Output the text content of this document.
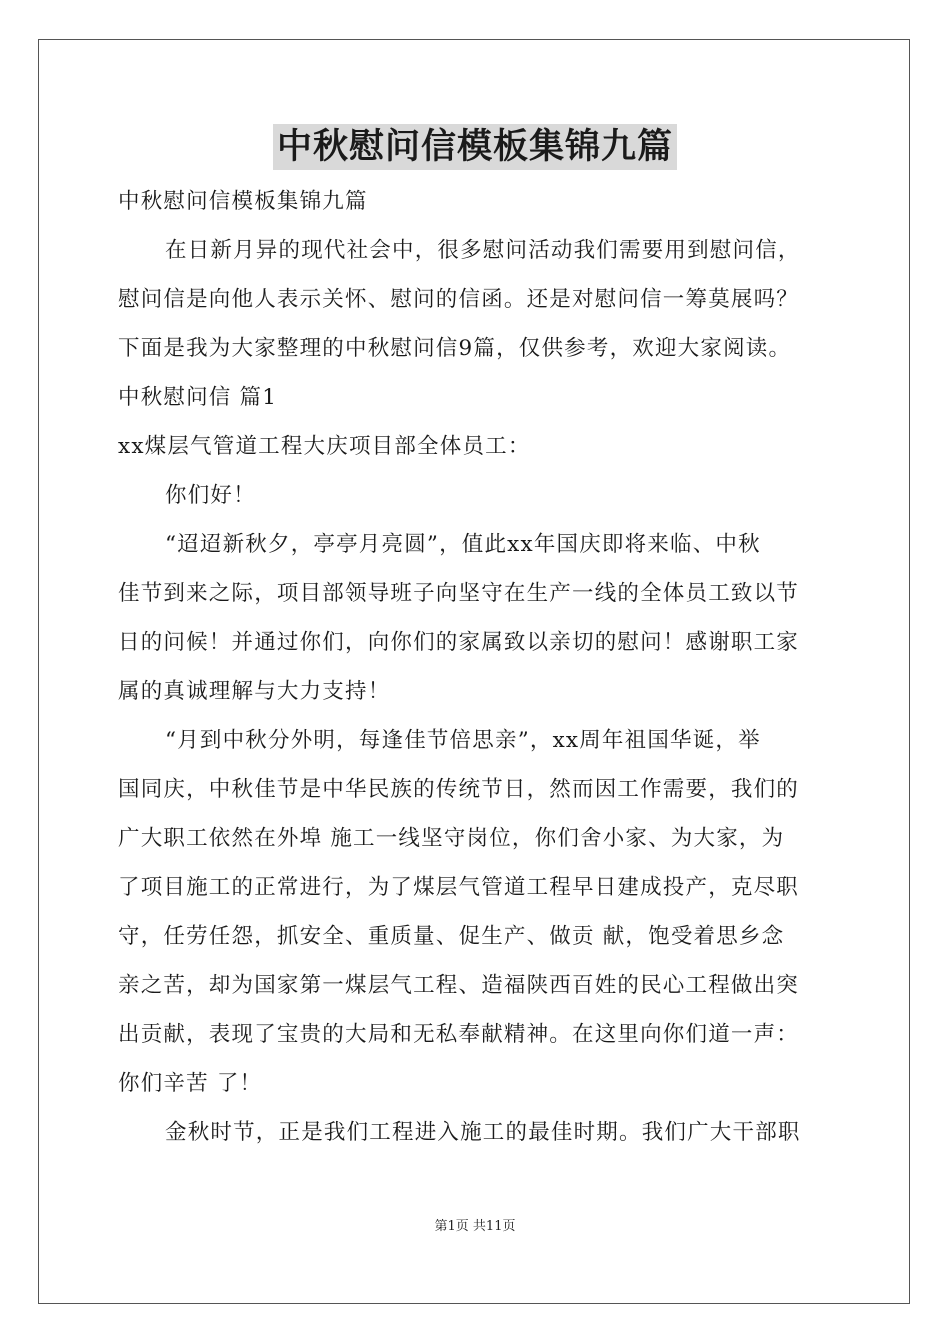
中秋慰问信模板集锦九篇
中秋慰问信模板集锦九篇
在日新月异的现代社会中，很多慰问活动我们需要用到慰问信，
慰问信是向他人表示关怀、慰问的信函。还是对慰问信一筹莫展吗？
下面是我为大家整理的中秋慰问信9篇，仅供参考，欢迎大家阅读。
中秋慰问信 篇1
xx煤层气管道工程大庆项目部全体员工：
你们好！
“迢迢新秋夕，亭亭月亮圆”，值此xx年国庆即将来临、中秋
佳节到来之际，项目部领导班子向坚守在生产一线的全体员工致以节
日的问候！并通过你们，向你们的家属致以亲切的慰问！感谢职工家
属的真诚理解与大力支持！
“月到中秋分外明，每逢佳节倍思亲”，xx周年祖国华诞，举
国同庆，中秋佳节是中华民族的传统节日，然而因工作需要，我们的
广大职工依然在外埠 施工一线坚守岗位，你们舍小家、为大家，为
了项目施工的正常进行，为了煤层气管道工程早日建成投产，克尽职
守，任劳任怨，抓安全、重质量、促生产、做贡 献，饱受着思乡念
亲之苦，却为国家第一煤层气工程、造福陕西百姓的民心工程做出突
出贡献，表现了宝贵的大局和无私奉献精神。在这里向你们道一声：
你们辛苦 了！
金秋时节，正是我们工程进入施工的最佳时期。我们广大干部职
第1页 共11页
